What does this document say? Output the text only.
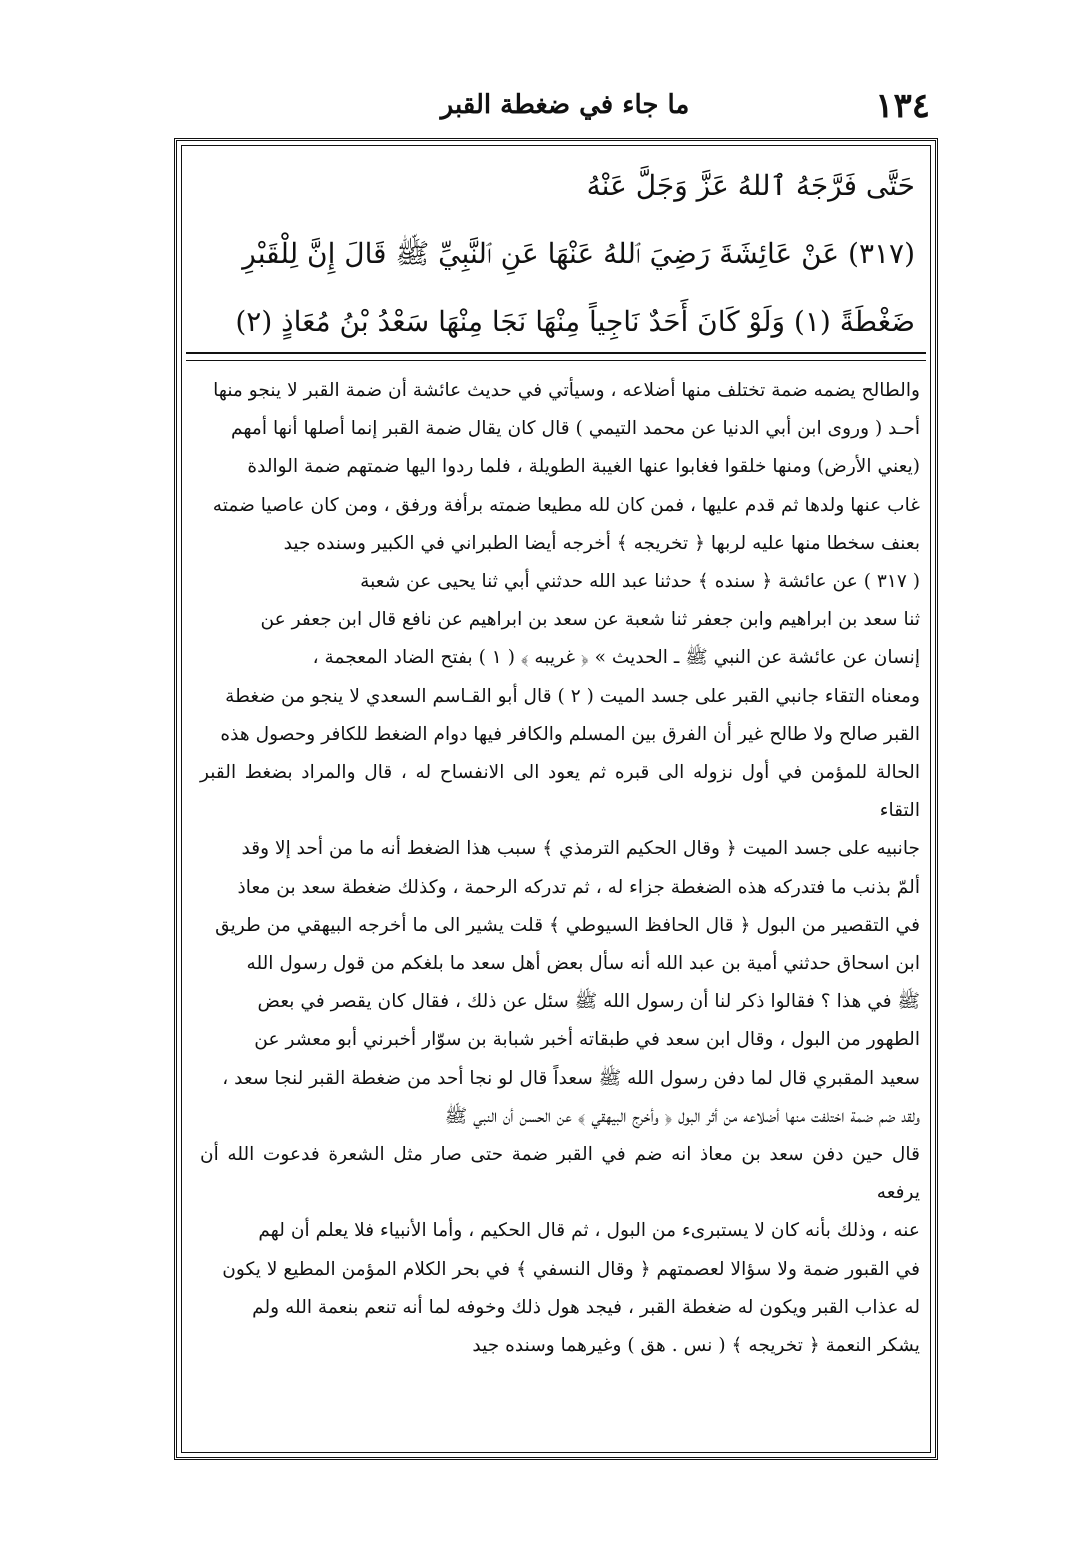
١٣٤
ما جاء في ضغطة القبر

حَتَّى فَرَّجَهُ ٱللهُ عَزَّ وَجَلَّ عَنْهُ

(٣١٧) عَنْ عَائِشَةَ رَضِيَ ٱللهُ عَنْهَا عَنِ ٱلنَّبِيِّ ﷺ قَالَ إِنَّ لِلْقَبْرِ

ضَغْطَةً (١) وَلَوْ كَانَ أَحَدٌ نَاجِياً مِنْهَا نَجَا مِنْهَا سَعْدُ بْنُ مُعَاذٍ (٢)

والطالح يضمه ضمة تختلف منها أضلاعه ، وسيأتي في حديث عائشة أن ضمة القبر لا ينجو منها

أحـد ( وروى ابن أبي الدنيا عن محمد التيمي ) قال كان يقال ضمة القبر إنما أصلها أنها أمهم

(يعني الأرض) ومنها خلقوا فغابوا عنها الغيبة الطويلة ، فلما ردوا اليها ضمتهم ضمة الوالدة

غاب عنها ولدها ثم قدم عليها ، فمن كان لله مطيعا ضمته برأفة ورفق ، ومن كان عاصيا ضمته

بعنف سخطا منها عليه لربها ﴿ تخريجه ﴾ أخرجه أيضا الطبراني في الكبير وسنده جيد

( ٣١٧ ) عن عائشة ﴿ سنده ﴾ حدثنا عبد الله حدثني أبي ثنا يحيى عن شعبة

ثنا سعد بن ابراهيم وابن جعفر ثنا شعبة عن سعد بن ابراهيم عن نافع قال ابن جعفر عن

إنسان عن عائشة عن النبي ﷺ ـ الحديث » ﴿ غريبه ﴾ ( ١ ) بفتح الضاد المعجمة ،

ومعناه التقاء جانبي القبر على جسد الميت ( ٢ ) قال أبو القـاسم السعدي لا ينجو من ضغطة

القبر صالح ولا طالح غير أن الفرق بين المسلم والكافر فيها دوام الضغط للكافر وحصول هذه

الحالة للمؤمن في أول نزوله الى قبره ثم يعود الى الانفساح له ، قال والمراد بضغط القبر التقاء

جانبيه على جسد الميت ﴿ وقال الحكيم الترمذي ﴾ سبب هذا الضغط أنه ما من أحد إلا وقد

ألمّ بذنب ما فتدركه هذه الضغطة جزاء له ، ثم تدركه الرحمة ، وكذلك ضغطة سعد بن معاذ

في التقصير من البول ﴿ قال الحافظ السيوطي ﴾ قلت يشير الى ما أخرجه البيهقي من طريق

ابن اسحاق حدثني أمية بن عبد الله أنه سأل بعض أهل سعد ما بلغكم من قول رسول الله

ﷺ في هذا ؟ فقالوا ذكر لنا أن رسول الله ﷺ سئل عن ذلك ، فقال كان يقصر في بعض

الطهور من البول ، وقال ابن سعد في طبقاته أخبر شبابة بن سوّار أخبرني أبو معشر عن

سعيد المقبري قال لما دفن رسول الله ﷺ سعداً قال لو نجا أحد من ضغطة القبر لنجا سعد ،

ولقد ضم ضمة اختلفت منها أضلاعه من أثر البول ﴿ وأخرج البيهقي ﴾ عن الحسن أن النبي ﷺ

قال حين دفن سعد بن معاذ انه ضم في القبر ضمة حتى صار مثل الشعرة فدعوت الله أن يرفعه

عنه ، وذلك بأنه كان لا يستبرىء من البول ، ثم قال الحكيم ، وأما الأنبياء فلا يعلم أن لهم

في القبور ضمة ولا سؤالا لعصمتهم ﴿ وقال النسفي ﴾ في بحر الكلام المؤمن المطيع لا يكون

له عذاب القبر ويكون له ضغطة القبر ، فيجد هول ذلك وخوفه لما أنه تنعم بنعمة الله ولم

يشكر النعمة ﴿ تخريجه ﴾ ( نس . هق ) وغيرهما وسنده جيد
